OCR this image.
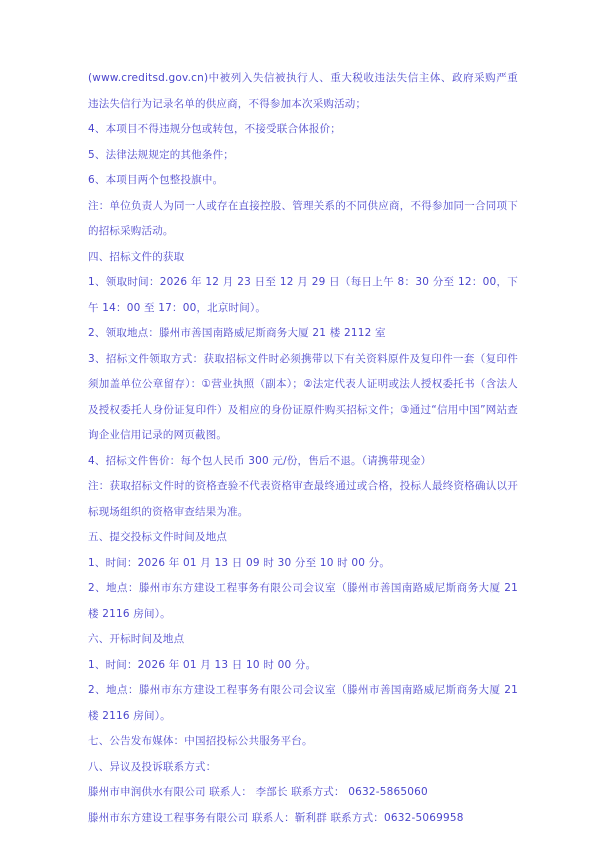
(www.creditsd.gov.cn)中被列入失信被执行人、重大税收违法失信主体、政府采购严重违法失信行为记录名单的供应商，不得参加本次采购活动；

4、本项目不得违规分包或转包，不接受联合体报价；

5、法律法规规定的其他条件；

6、本项目两个包整投旗中。

注：单位负责人为同一人或存在直接控股、管理关系的不同供应商，不得参加同一合同项下的招标采购活动。

四、招标文件的获取

1、领取时间：2026 年 12 月 23 日至 12 月 29 日（每日上午 8：30 分至 12：00，下午 14：00 至 17：00，北京时间）。

2、领取地点：滕州市善国南路威尼斯商务大厦 21 楼 2112 室

3、招标文件领取方式：获取招标文件时必须携带以下有关资料原件及复印件一套（复印件须加盖单位公章留存）：①营业执照（副本）；②法定代表人证明或法人授权委托书（含法人及授权委托人身份证复印件）及相应的身份证原件购买招标文件；③通过“信用中国”网站查询企业信用记录的网页截图。

4、招标文件售价：每个包人民币 300 元/份，售后不退。（请携带现金）

注：获取招标文件时的资格查验不代表资格审查最终通过或合格，投标人最终资格确认以开标现场组织的资格审查结果为准。

五、提交投标文件时间及地点

1、时间：2026 年 01 月 13 日 09 时 30 分至 10 时 00 分。

2、地点：滕州市东方建设工程事务有限公司会议室（滕州市善国南路威尼斯商务大厦 21 楼 2116 房间）。

六、开标时间及地点

1、时间：2026 年 01 月 13 日 10 时 00 分。

2、地点：滕州市东方建设工程事务有限公司会议室（滕州市善国南路威尼斯商务大厦 21 楼 2116 房间）。

七、公告发布媒体：中国招投标公共服务平台。

八、异议及投诉联系方式：

滕州市申润供水有限公司 联系人： 李部长 联系方式： 0632-5865060

滕州市东方建设工程事务有限公司 联系人：靳利群 联系方式：0632-5069958
